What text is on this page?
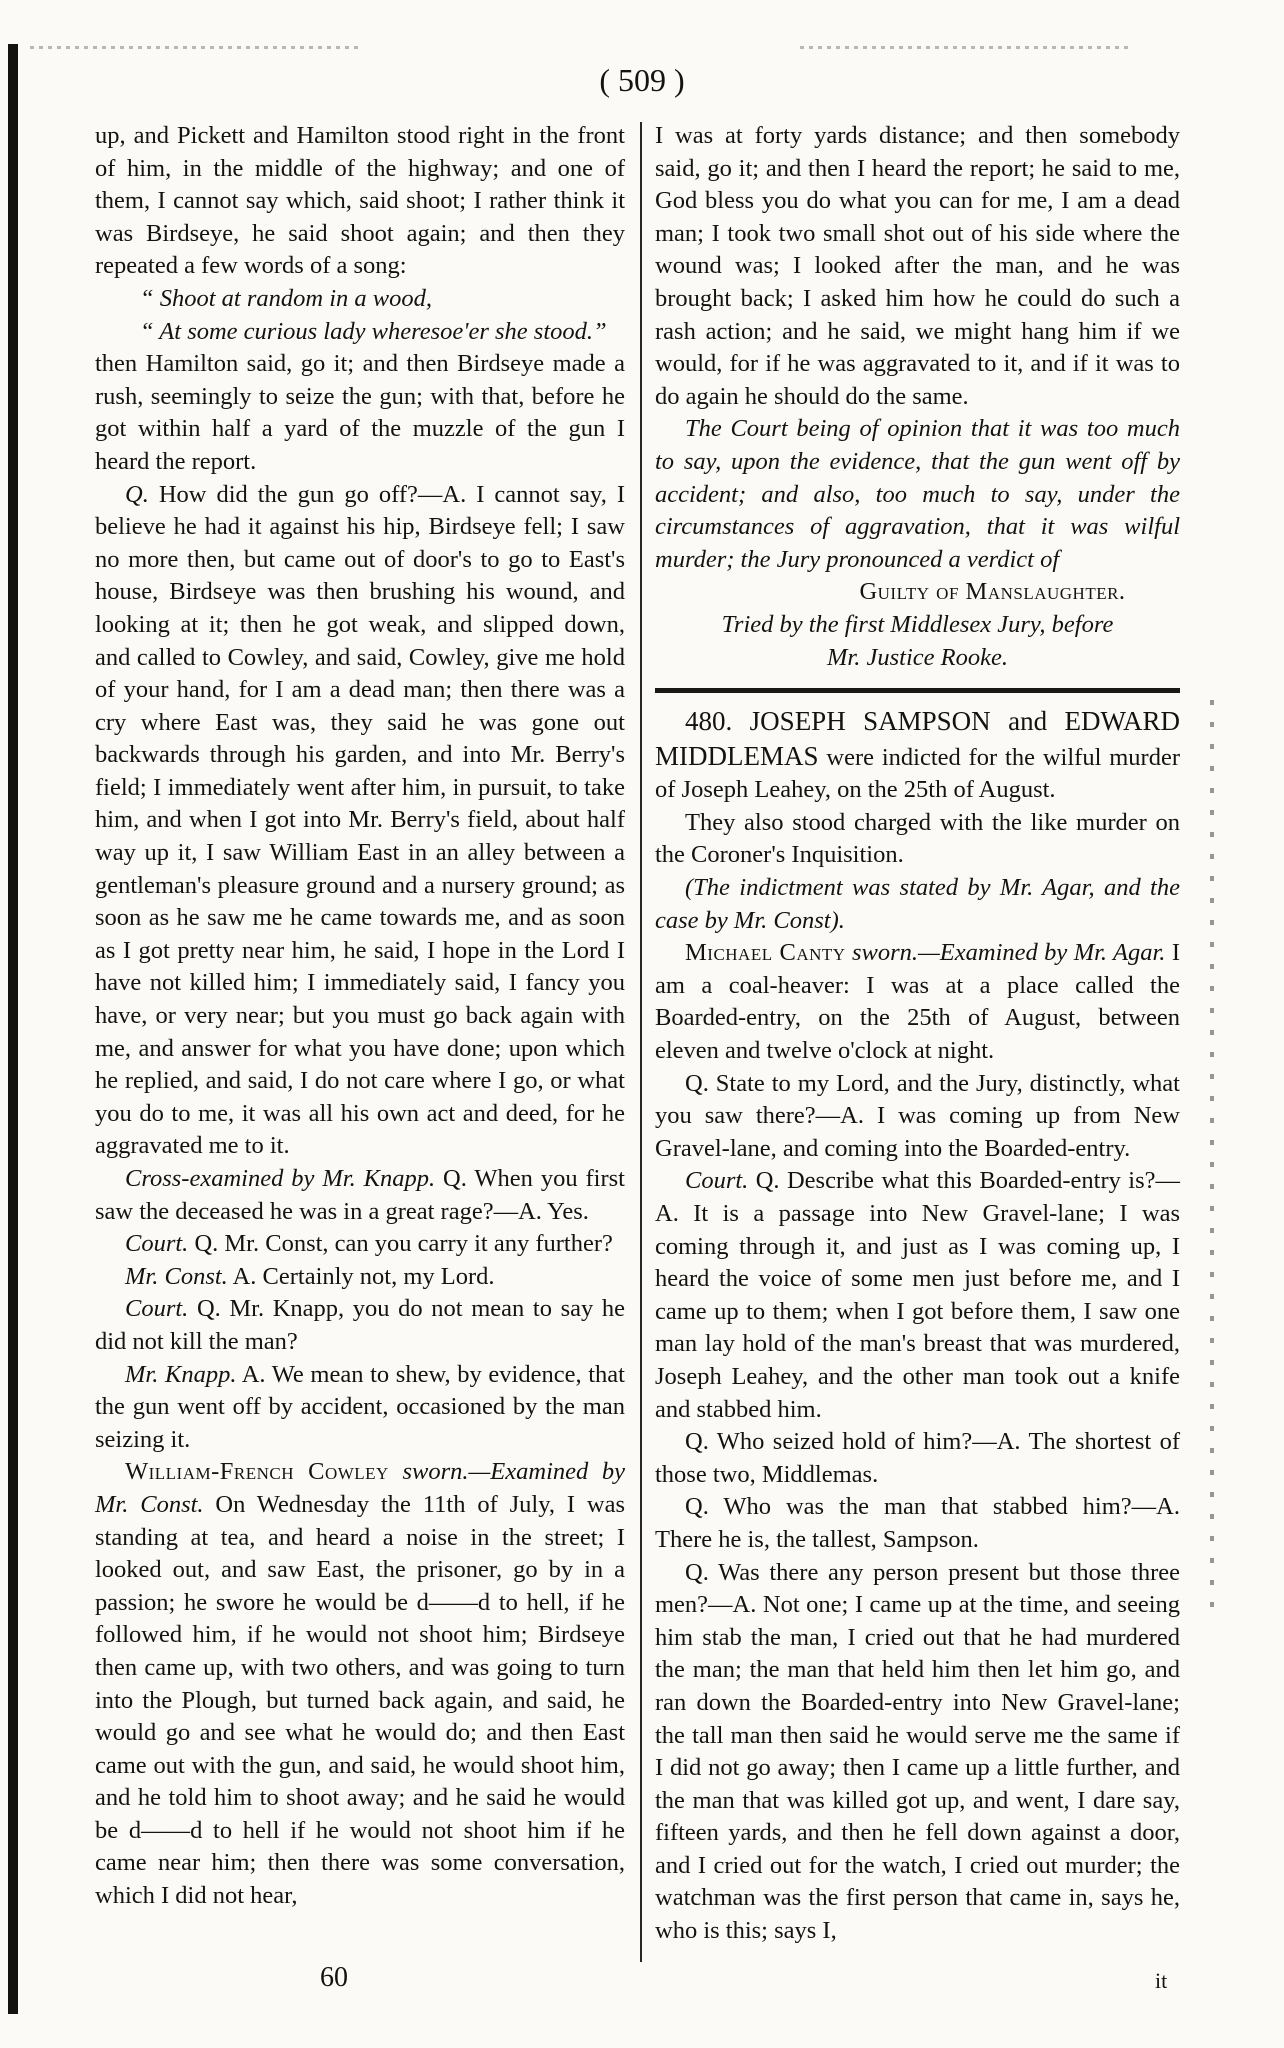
( 509 )

up, and Pickett and Hamilton stood right in the front of him, in the middle of the highway; and one of them, I cannot say which, said shoot; I rather think it was Birdseye, he said shoot again; and then they repeated a few words of a song:

“ Shoot at random in a wood,

“ At some curious lady wheresoe'er she stood.”

then Hamilton said, go it; and then Birdseye made a rush, seemingly to seize the gun; with that, before he got within half a yard of the muzzle of the gun I heard the report.

Q. How did the gun go off?—A. I cannot say, I believe he had it against his hip, Birdseye fell; I saw no more then, but came out of door's to go to East's house, Birdseye was then brushing his wound, and looking at it; then he got weak, and slipped down, and called to Cowley, and said, Cowley, give me hold of your hand, for I am a dead man; then there was a cry where East was, they said he was gone out backwards through his garden, and into Mr. Berry's field; I immediately went after him, in pursuit, to take him, and when I got into Mr. Berry's field, about half way up it, I saw William East in an alley between a gentleman's pleasure ground and a nursery ground; as soon as he saw me he came towards me, and as soon as I got pretty near him, he said, I hope in the Lord I have not killed him; I immediately said, I fancy you have, or very near; but you must go back again with me, and answer for what you have done; upon which he replied, and said, I do not care where I go, or what you do to me, it was all his own act and deed, for he aggravated me to it.

Cross-examined by Mr. Knapp. Q. When you first saw the deceased he was in a great rage?—A. Yes.

Court. Q. Mr. Const, can you carry it any further?

Mr. Const. A. Certainly not, my Lord.

Court. Q. Mr. Knapp, you do not mean to say he did not kill the man?

Mr. Knapp. A. We mean to shew, by evidence, that the gun went off by accident, occasioned by the man seizing it.

William-French Cowley sworn.—Examined by Mr. Const. On Wednesday the 11th of July, I was standing at tea, and heard a noise in the street; I looked out, and saw East, the prisoner, go by in a passion; he swore he would be d——d to hell, if he followed him, if he would not shoot him; Birdseye then came up, with two others, and was going to turn into the Plough, but turned back again, and said, he would go and see what he would do; and then East came out with the gun, and said, he would shoot him, and he told him to shoot away; and he said he would be d——d to hell if he would not shoot him if he came near him; then there was some conversation, which I did not hear,

I was at forty yards distance; and then somebody said, go it; and then I heard the report; he said to me, God bless you do what you can for me, I am a dead man; I took two small shot out of his side where the wound was; I looked after the man, and he was brought back; I asked him how he could do such a rash action; and he said, we might hang him if we would, for if he was aggravated to it, and if it was to do again he should do the same.

The Court being of opinion that it was too much to say, upon the evidence, that the gun went off by accident; and also, too much to say, under the circumstances of aggravation, that it was wilful murder; the Jury pronounced a verdict of

Guilty of Manslaughter.

Tried by the first Middlesex Jury, before

Mr. Justice Rooke.

480. JOSEPH SAMPSON and EDWARD MIDDLEMAS were indicted for the wilful murder of Joseph Leahey, on the 25th of August.

They also stood charged with the like murder on the Coroner's Inquisition.

(The indictment was stated by Mr. Agar, and the case by Mr. Const).

Michael Canty sworn.—Examined by Mr. Agar. I am a coal-heaver: I was at a place called the Boarded-entry, on the 25th of August, between eleven and twelve o'clock at night.

Q. State to my Lord, and the Jury, distinctly, what you saw there?—A. I was coming up from New Gravel-lane, and coming into the Boarded-entry.

Court. Q. Describe what this Boarded-entry is?—A. It is a passage into New Gravel-lane; I was coming through it, and just as I was coming up, I heard the voice of some men just before me, and I came up to them; when I got before them, I saw one man lay hold of the man's breast that was murdered, Joseph Leahey, and the other man took out a knife and stabbed him.

Q. Who seized hold of him?—A. The shortest of those two, Middlemas.

Q. Who was the man that stabbed him?—A. There he is, the tallest, Sampson.

Q. Was there any person present but those three men?—A. Not one; I came up at the time, and seeing him stab the man, I cried out that he had murdered the man; the man that held him then let him go, and ran down the Boarded-entry into New Gravel-lane; the tall man then said he would serve me the same if I did not go away; then I came up a little further, and the man that was killed got up, and went, I dare say, fifteen yards, and then he fell down against a door, and I cried out for the watch, I cried out murder; the watchman was the first person that came in, says he, who is this; says I,

60	it
